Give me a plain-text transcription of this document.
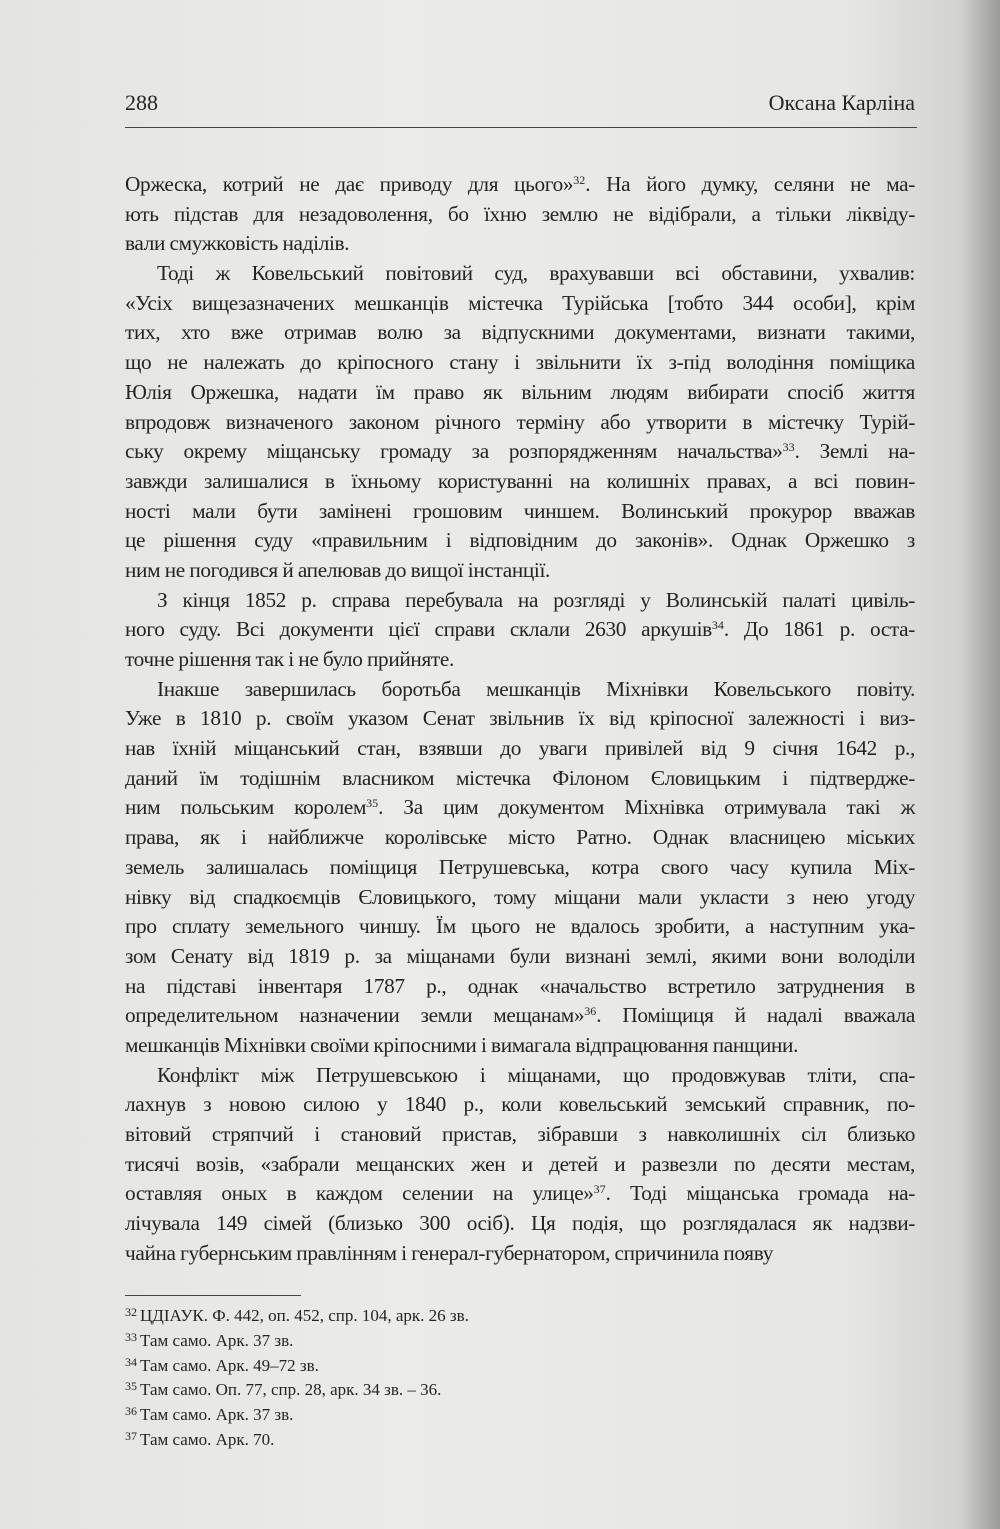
288	Оксана Карліна
Оржеска, котрий не дає приводу для цього»$^{32}$. На його думку, селяни не ма-
ють підстав для незадоволення, бо їхню землю не відібрали, а тільки ліквіду-
вали смужковість наділів.
Тоді ж Ковельський повітовий суд, врахувавши всі обставини, ухвалив:
«Усіх вищезазначених мешканців містечка Турійська [тобто 344 особи], крім
тих, хто вже отримав волю за відпускними документами, визнати такими,
що не належать до кріпосного стану і звільнити їх з-під володіння поміщика
Юлія Оржешка, надати їм право як вільним людям вибирати спосіб життя
впродовж визначеного законом річного терміну або утворити в містечку Турій-
ську окрему міщанську громаду за розпорядженням начальства»$^{33}$. Землі на-
завжди залишалися в їхньому користуванні на колишніх правах, а всі повин-
ності мали бути замінені грошовим чиншем. Волинський прокурор вважав
це рішення суду «правильним і відповідним до законів». Однак Оржешко з
ним не погодився й апелював до вищої інстанції.
З кінця 1852 р. справа перебувала на розгляді у Волинській палаті цивіль-
ного суду. Всі документи цієї справи склали 2630 аркушів$^{34}$. До 1861 р. оста-
точне рішення так і не було прийняте.
Інакше завершилась боротьба мешканців Міхнівки Ковельського повіту.
Уже в 1810 р. своїм указом Сенат звільнив їх від кріпосної залежності і виз-
нав їхній міщанський стан, взявши до уваги привілей від 9 січня 1642 р.,
даний їм тодішнім власником містечка Філоном Єловицьким і підтвердже-
ним польським королем$^{35}$. За цим документом Міхнівка отримувала такі ж
права, як і найближче королівське місто Ратно. Однак власницею міських
земель залишалась поміщиця Петрушевська, котра свого часу купила Міх-
нівку від спадкоємців Єловицького, тому міщани мали укласти з нею угоду
про сплату земельного чиншу. Їм цього не вдалось зробити, а наступним ука-
зом Сенату від 1819 р. за міщанами були визнані землі, якими вони володіли
на підставі інвентаря 1787 р., однак «начальство встретило затруднения в
определительном назначении земли мещанам»$^{36}$. Поміщиця й надалі вважала
мешканців Міхнівки своїми кріпосними і вимагала відпрацювання панщини.
Конфлікт між Петрушевською і міщанами, що продовжував тліти, спа-
лахнув з новою силою у 1840 р., коли ковельський земський справник, по-
вітовий стряпчий і становий пристав, зібравши з навколишніх сіл близько
тисячі возів, «забрали мещанских жен и детей и развезли по десяти местам,
оставляя оных в каждом селении на улице»$^{37}$. Тоді міщанська громада на-
лічувала 149 сімей (близько 300 осіб). Ця подія, що розглядалася як надзви-
чайна губернським правлінням і генерал-губернатором, спричинила появу
$^{32}$ ЦДІАУК. Ф. 442, оп. 452, спр. 104, арк. 26 зв.
$^{33}$ Там само. Арк. 37 зв.
$^{34}$ Там само. Арк. 49–72 зв.
$^{35}$ Там само. Оп. 77, спр. 28, арк. 34 зв. – 36.
$^{36}$ Там само. Арк. 37 зв.
$^{37}$ Там само. Арк. 70.
